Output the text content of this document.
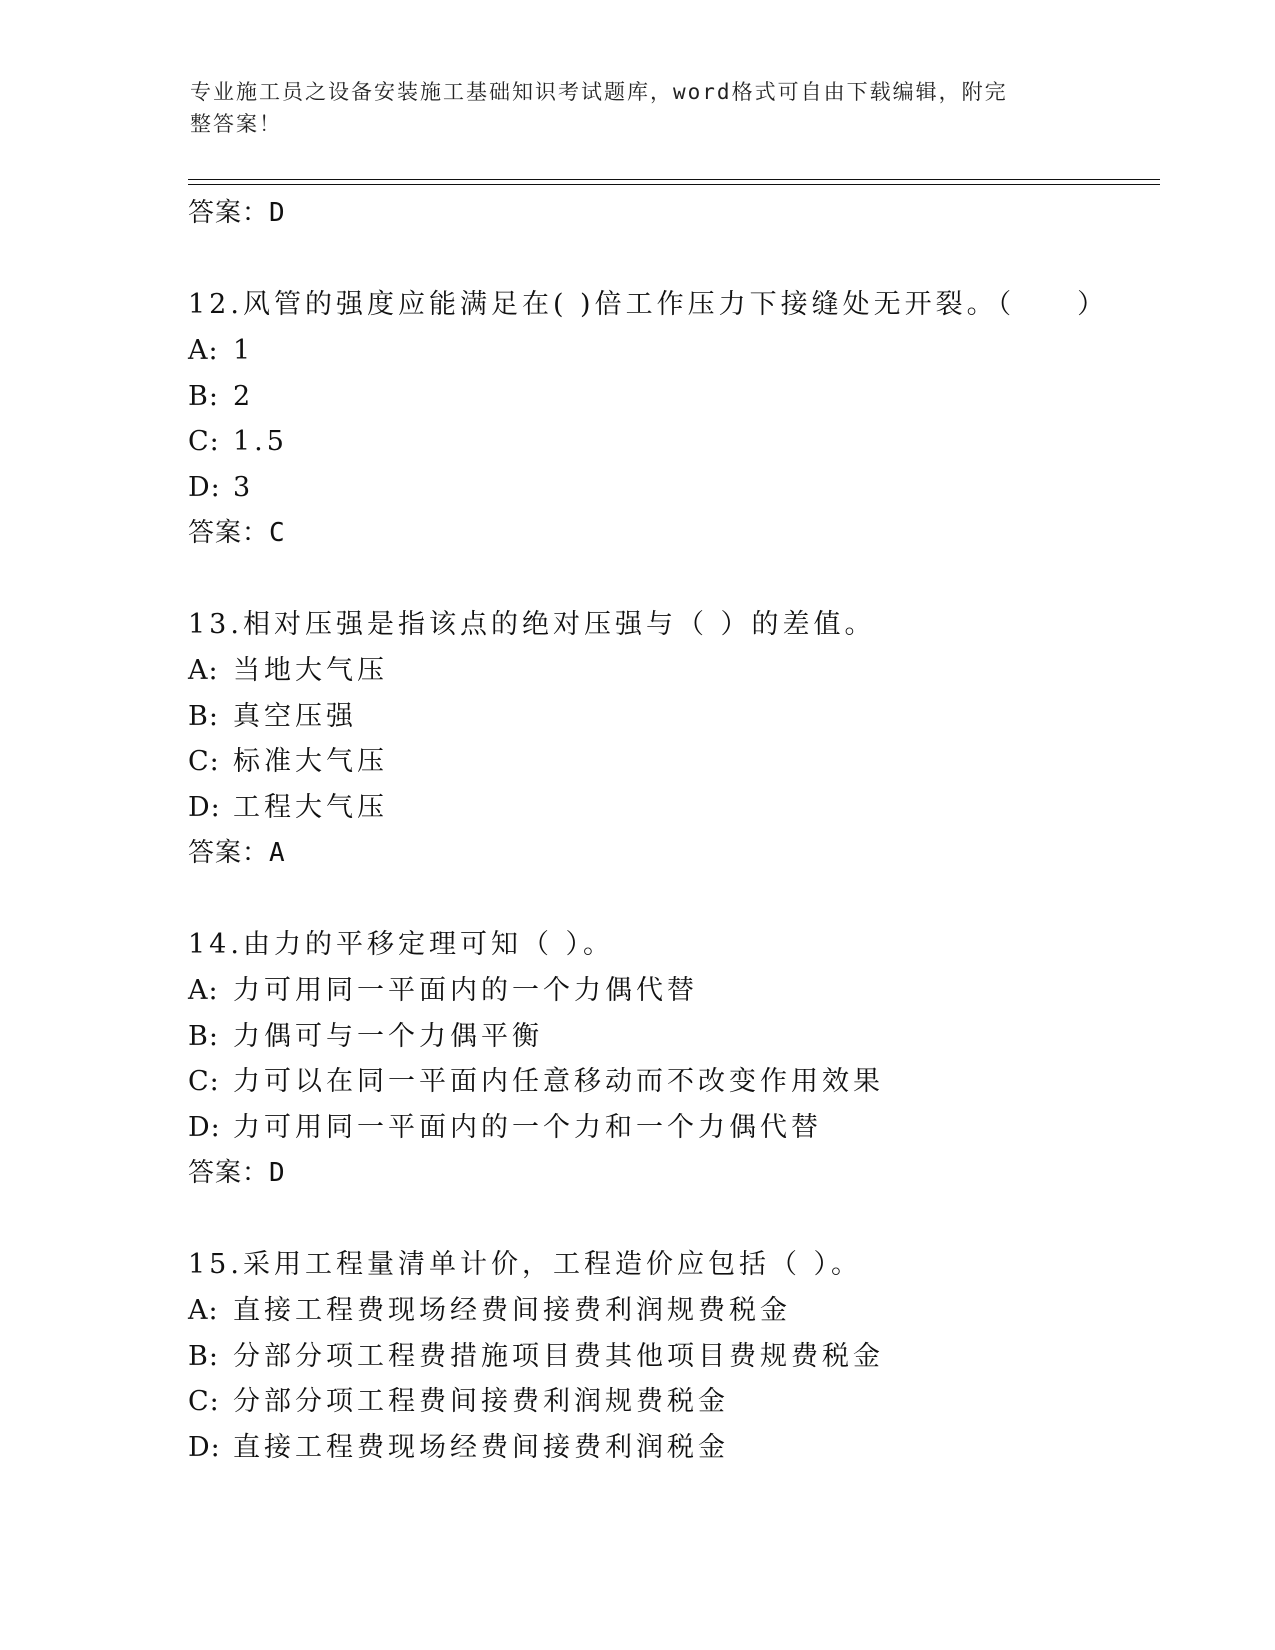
专业施工员之设备安装施工基础知识考试题库，word格式可自由下载编辑，附完
整答案！
答案：D
12.风管的强度应能满足在( )倍工作压力下接缝处无开裂。（　　）
A: 1
B: 2
C: 1.5
D: 3
答案：C
13.相对压强是指该点的绝对压强与（ ）的差值。
A: 当地大气压
B: 真空压强
C: 标准大气压
D: 工程大气压
答案：A
14.由力的平移定理可知（ ）。
A: 力可用同一平面内的一个力偶代替
B: 力偶可与一个力偶平衡
C: 力可以在同一平面内任意移动而不改变作用效果
D: 力可用同一平面内的一个力和一个力偶代替
答案：D
15.采用工程量清单计价，工程造价应包括（ ）。
A: 直接工程费现场经费间接费利润规费税金
B: 分部分项工程费措施项目费其他项目费规费税金
C: 分部分项工程费间接费利润规费税金
D: 直接工程费现场经费间接费利润税金
